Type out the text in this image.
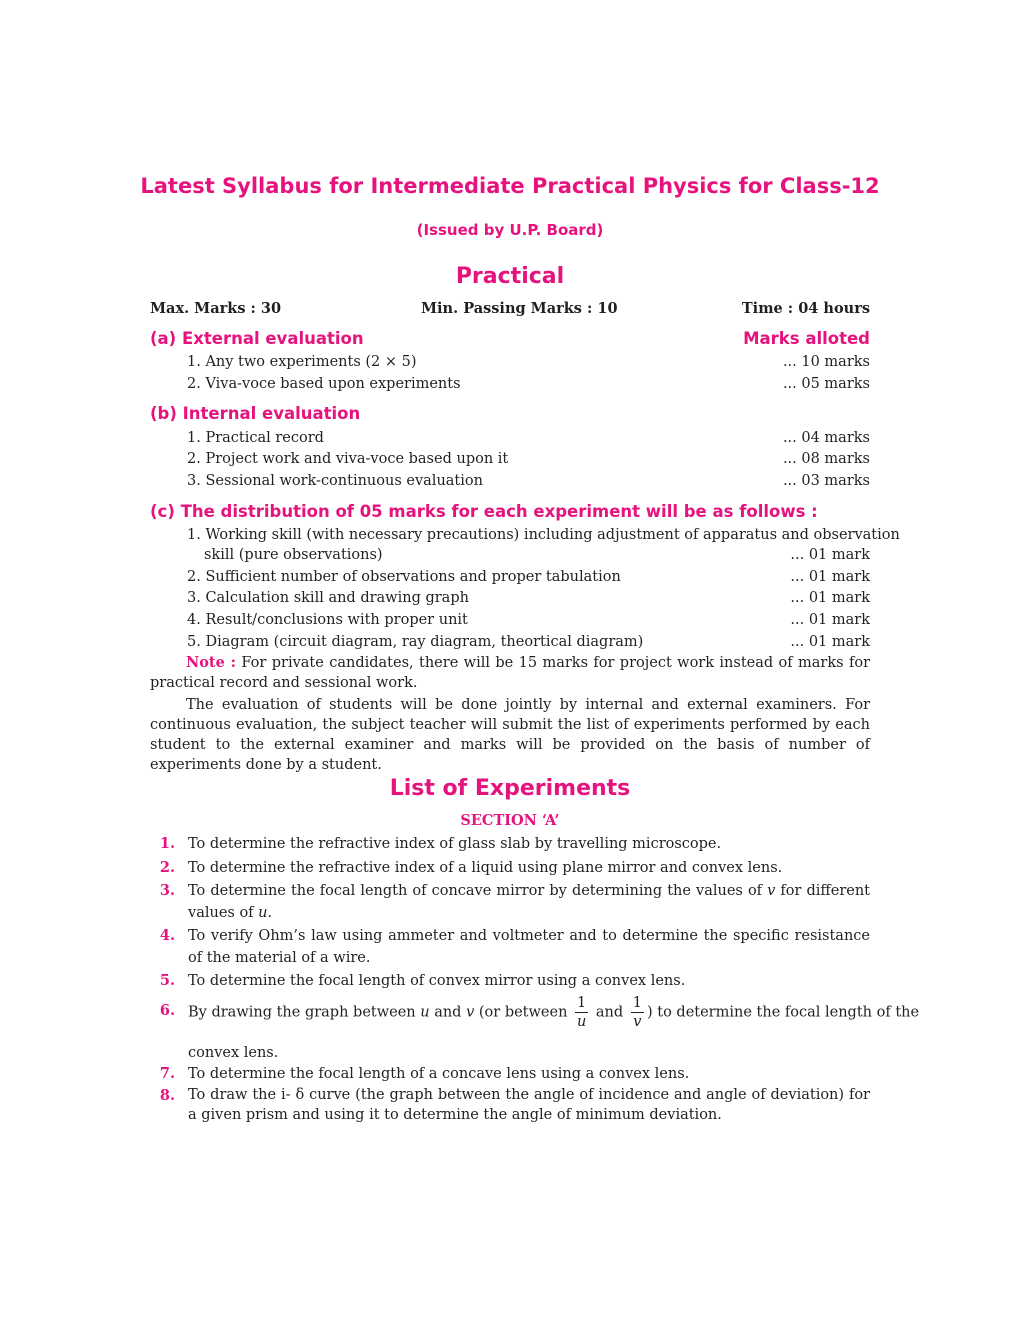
Latest Syllabus for Intermediate Practical Physics for Class-12
(Issued by U.P. Board)
Practical
Max. Marks : 30	Min. Passing Marks : 10	Time : 04 hours
(a) External evaluation	Marks alloted
1. Any two experiments (2 × 5)	... 10 marks
2. Viva-voce based upon experiments	... 05 marks
(b) Internal evaluation
1. Practical record	... 04 marks
2. Project work and viva-voce based upon it	... 08 marks
3. Sessional work-continuous evaluation	... 03 marks
(c) The distribution of 05 marks for each experiment will be as follows :
1. Working skill (with necessary precautions) including adjustment of apparatus and observation
skill (pure observations)	... 01 mark
2. Sufficient number of observations and proper tabulation	... 01 mark
3. Calculation skill and drawing graph	... 01 mark
4. Result/conclusions with proper unit	... 01 mark
5. Diagram (circuit diagram, ray diagram, theortical diagram)	... 01 mark
Note : For private candidates, there will be 15 marks for project work instead of marks for practical record and sessional work.
The evaluation of students will be done jointly by internal and external examiners. For continuous evaluation, the subject teacher will submit the list of experiments performed by each student to the external examiner and marks will be provided on the basis of number of experiments done by a student.
List of Experiments
SECTION ‘A’
1. To determine the refractive index of glass slab by travelling microscope.
2. To determine the refractive index of a liquid using plane mirror and convex lens.
3. To determine the focal length of concave mirror by determining the values of v for different values of u.
4. To verify Ohm’s law using ammeter and voltmeter and to determine the specific resistance of the material of a wire.
5. To determine the focal length of convex mirror using a convex lens.
6. By drawing the graph between u and v (or between $\frac{1}{u}$ and $\frac{1}{v}$ ) to determine the focal length of the
convex lens.
7. To determine the focal length of a concave lens using a convex lens.
8. To draw the i- δ curve (the graph between the angle of incidence and angle of deviation) for a given prism and using it to determine the angle of minimum deviation.
